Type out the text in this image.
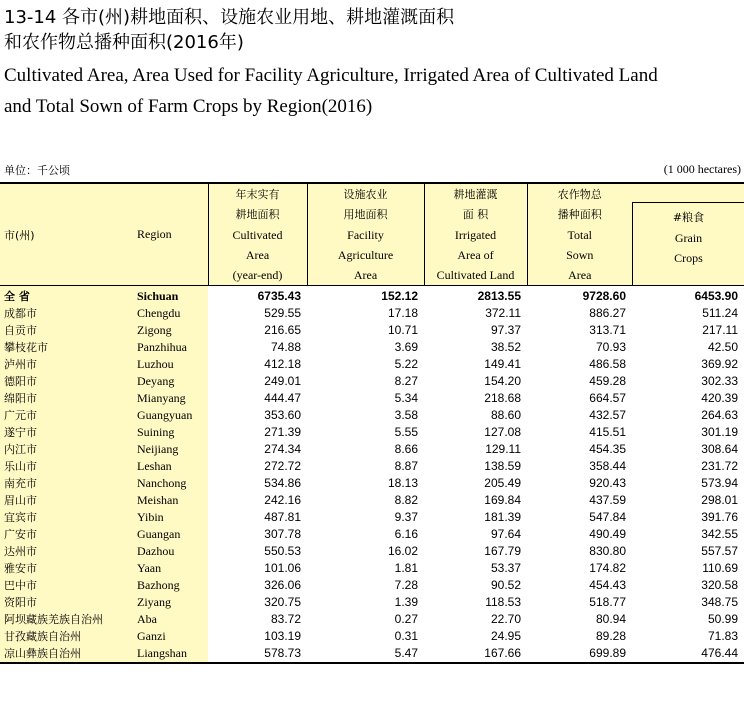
13-14 各市(州)耕地面积、设施农业用地、耕地灌溉面积
和农作物总播种面积(2016年)
Cultivated Area, Area Used for Facility Agriculture, Irrigated Area of Cultivated Land
and Total Sown of Farm Crops by Region(2016)
单位：千公顷	(1 000 hectares)
市(州)	Region	年末实有
耕地面积
Cultivated
Area
(year-end)	设施农业
用地面积
Facility
Agriculture
Area	耕地灌溉
面 积
Irrigated
Area of
Cultivated Land	农作物总
播种面积
Total
Sown
Area	#粮食
Grain
Crops

全 省	Sichuan	6735.43	152.12	2813.55	9728.60	6453.90
成都市	Chengdu	529.55	17.18	372.11	886.27	511.24
自贡市	Zigong	216.65	10.71	97.37	313.71	217.11
攀枝花市	Panzhihua	74.88	3.69	38.52	70.93	42.50
泸州市	Luzhou	412.18	5.22	149.41	486.58	369.92
德阳市	Deyang	249.01	8.27	154.20	459.28	302.33
绵阳市	Mianyang	444.47	5.34	218.68	664.57	420.39
广元市	Guangyuan	353.60	3.58	88.60	432.57	264.63
遂宁市	Suining	271.39	5.55	127.08	415.51	301.19
内江市	Neijiang	274.34	8.66	129.11	454.35	308.64
乐山市	Leshan	272.72	8.87	138.59	358.44	231.72
南充市	Nanchong	534.86	18.13	205.49	920.43	573.94
眉山市	Meishan	242.16	8.82	169.84	437.59	298.01
宜宾市	Yibin	487.81	9.37	181.39	547.84	391.76
广安市	Guangan	307.78	6.16	97.64	490.49	342.55
达州市	Dazhou	550.53	16.02	167.79	830.80	557.57
雅安市	Yaan	101.06	1.81	53.37	174.82	110.69
巴中市	Bazhong	326.06	7.28	90.52	454.43	320.58
资阳市	Ziyang	320.75	1.39	118.53	518.77	348.75
阿坝藏族羌族自治州	Aba	83.72	0.27	22.70	80.94	50.99
甘孜藏族自治州	Ganzi	103.19	0.31	24.95	89.28	71.83
凉山彝族自治州	Liangshan	578.73	5.47	167.66	699.89	476.44
